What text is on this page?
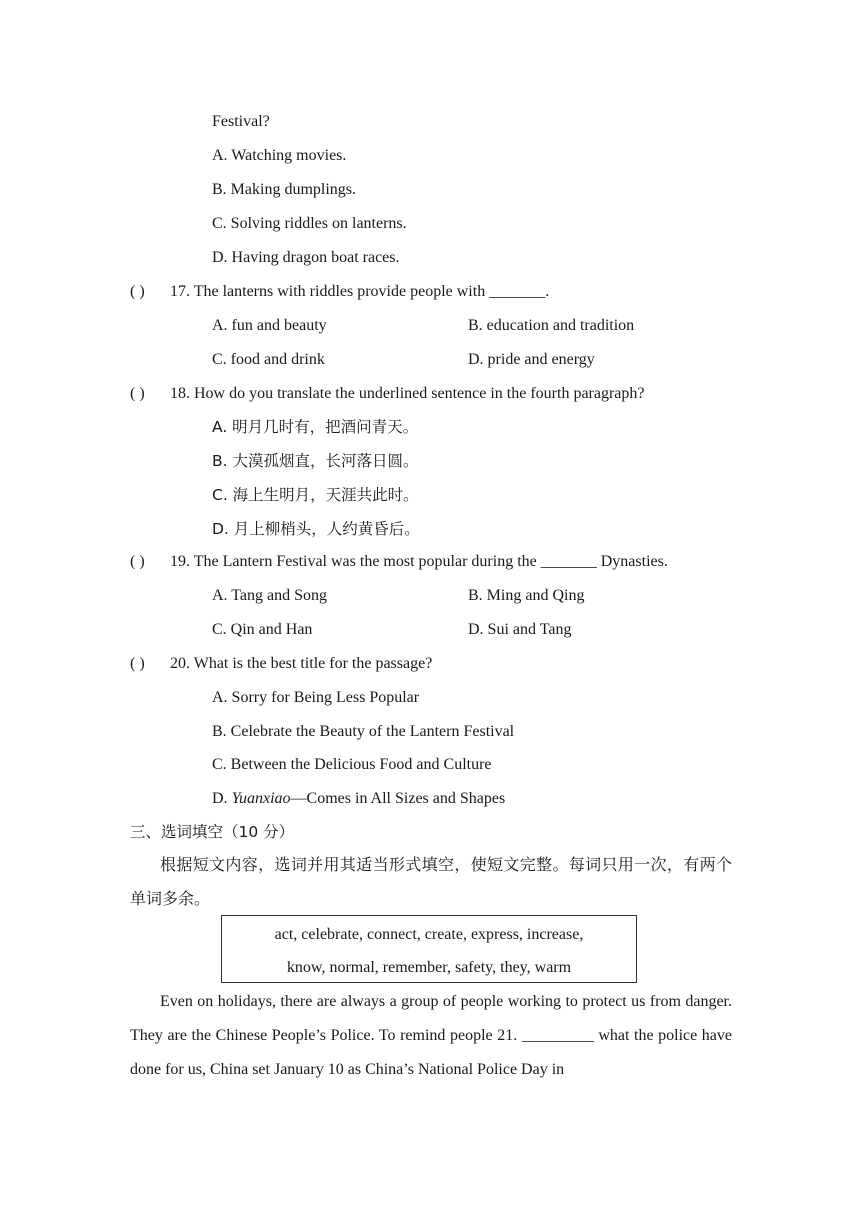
Festival?
A. Watching movies.
B. Making dumplings.
C. Solving riddles on lanterns.
D. Having dragon boat races.
( ) 17. The lanterns with riddles provide people with _______.
A. fun and beauty	B. education and tradition
C. food and drink	D. pride and energy
( ) 18. How do you translate the underlined sentence in the fourth paragraph?
A. 明月几时有，把酒问青天。
B. 大漠孤烟直，长河落日圆。
C. 海上生明月，天涯共此时。
D. 月上柳梢头，人约黄昏后。
( ) 19. The Lantern Festival was the most popular during the _______ Dynasties.
A. Tang and Song	B. Ming and Qing
C. Qin and Han	D. Sui and Tang
( ) 20. What is the best title for the passage?
A. Sorry for Being Less Popular
B. Celebrate the Beauty of the Lantern Festival
C. Between the Delicious Food and Culture
D. Yuanxiao—Comes in All Sizes and Shapes
三、选词填空（10 分）
根据短文内容，选词并用其适当形式填空，使短文完整。每词只用一次，有两个单词多余。
act, celebrate, connect, create, express, increase,
know, normal, remember, safety, they, warm
Even on holidays, there are always a group of people working to protect us from danger. They are the Chinese People’s Police. To remind people 21. _________ what the police have done for us, China set January 10 as China’s National Police Day in
